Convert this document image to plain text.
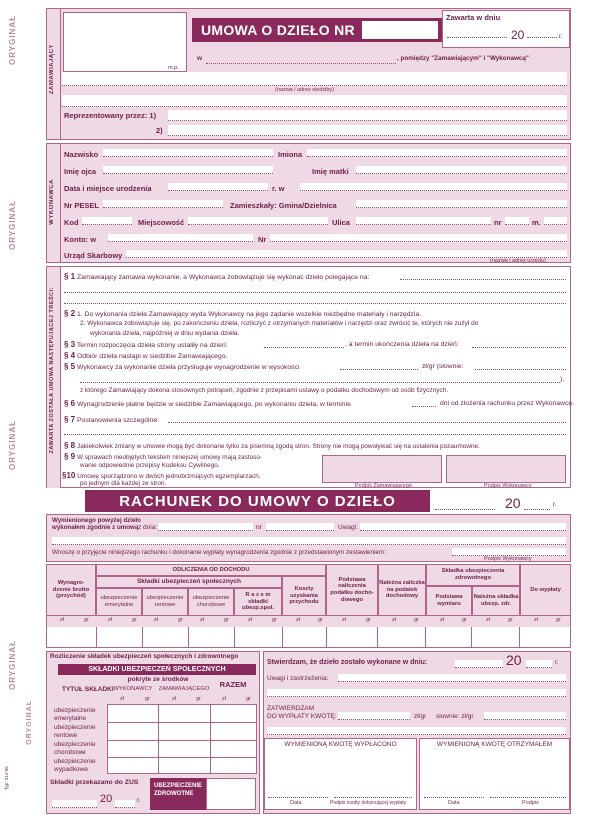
ORYGINAŁ
ORYGINAŁ
ORYGINAŁ
ORYGINAŁ
ORYGINAŁ
Typ: 314-06
ZAMAWIAJĄCY	m.p.
UMOWA O DZIEŁO NR
Zawarta w dniu
20	r.
w	, pomiędzy "Zamawiającym" i "Wykonawcą"
(nazwa i adres siedziby)
Reprezentowany przez: 1)
2)
WYKONAWCA
Nazwisko	Imiona
Imię ojca	Imię matki
Data i miejsce urodzenia	r. w
Nr PESEL	Zamieszkały: Gmina/Dzielnica
Kod	Miejscowość	Ulica	nr	m.
Konto: w	Nr
Urząd Skarbowy
(nazwa i adres urzędu)
ZAWARTA ZOSTAŁA UMOWA NASTĘPUJĄCEJ TREŚCI:
§ 1 Zamawiający zamawia wykonanie, a Wykonawca zobowiązuje się wykonać dzieło polegające na:
§ 2 1. Do wykonania dzieła Zamawiający wyda Wykonawcy na jego żądanie wszelkie niezbędne materiały i narzędzia.
2. Wykonawca zobowiązuje się, po zakończeniu dzieła, rozliczyć z otrzymanych materiałów i narzędzi oraz zwrócić te, których nie zużył do
wykonania dzieła, najpóźniej w dniu wydania dzieła.
§ 3 Termin rozpoczęcia dzieła strony ustaliły na dzień:	, a termin ukończenia dzieła na dzień:
§ 4 Odbiór dzieła nastąpi w siedzibie Zamawiającego.
§ 5 Wykonawcy za wykonanie dzieła przysługuje wynagrodzenie w wysokości	zł/gr (słownie:
),
z którego Zamawiający dokona stosownych potrąceń, zgodnie z przepisami ustawy o podatku dochodowym od osób fizycznych.
§ 6 Wynagrodzenie płatne będzie w siedzibie Zamawiającego, po wykonaniu dzieła, w terminie	dni od złożenia rachunku przez Wykonawcę.
§ 7 Postanowienia szczególne:
§ 8 Jakiekolwiek zmiany w umowie mogą być dokonane tylko za pisemną zgodą stron. Strony nie mogą powoływać się na ustalenia pozaumowne.
§ 9 W sprawach nieobjętych tekstem niniejszej umowy mają zastoso-
wanie odpowiednie przepisy Kodeksu Cywilnego.
§10 Umowę sporządzono w dwóch jednobrzmiących egzemplarzach,
po jednym dla każdej ze stron.	Podpis Zamawiającego	Podpis Wykonawcy
RACHUNEK DO UMOWY O DZIEŁO	20	r.
Wymienionego powyżej dzieło
wykonałem zgodnie z umową z dnia:	nr	Uwagi:
Wnoszę o przyjęcie niniejszego rachunku i dokonanie wypłaty wynagrodzenia zgodnie z przedstawionym zestawieniem:
Podpis Wykonawcy
Wynagro-dzenie brutto (przychód)
ODLICZENIA OD DOCHODU
Składki ubezpieczeń społecznych
ubezpieczenie emerytalne
ubezpieczenie rentowe
ubezpieczenie chorobowe
R a z e m składki ubezp.społ.
Koszty uzyskania przychodu
Podstawa naliczenia podatku docho-dowego
Należna zaliczka na podatek dochodowy
Składka ubezpieczenia zdrowotnego
Podstawa wymiaru
Należna składka ubezp. zdr.
Do wypłaty
zł	gr	zł	gr	zł	gr	zł	gr	zł	gr	zł	gr	zł	gr	zł	gr	zł	gr	zł	gr	zł	gr
Rozliczenie składek ubezpieczeń społecznych i zdrowotnego
SKŁADKI UBEZPIECZEŃ SPOŁECZNYCH
pokryte ze środków
TYTUŁ SKŁADKI WYKONAWCY	ZAMAWIAJĄCEGO	RAZEM
zł	gr	zł	gr	zł	gr
ubezpieczenie emerytalne
ubezpieczenie rentowe
ubezpieczenie chorobowe
ubezpieczenie wypadkowe
Składki przekazano do ZUS
20	r.
UBEZPIECZENIE ZDROWOTNE
Stwierdzam, że dzieło zostało wykonane w dniu:	20	r.
Uwagi i zastrzeżenia:
ZATWIERDZAM
DO WYPŁATY KWOTĘ:	zł/gr słownie: zł/gr
WYMIENIONĄ KWOTĘ WYPŁACONO	WYMIENIONĄ KWOTĘ OTRZYMAŁEM
Data	Podpis osoby dokonującej wypłaty	Data	Podpis
